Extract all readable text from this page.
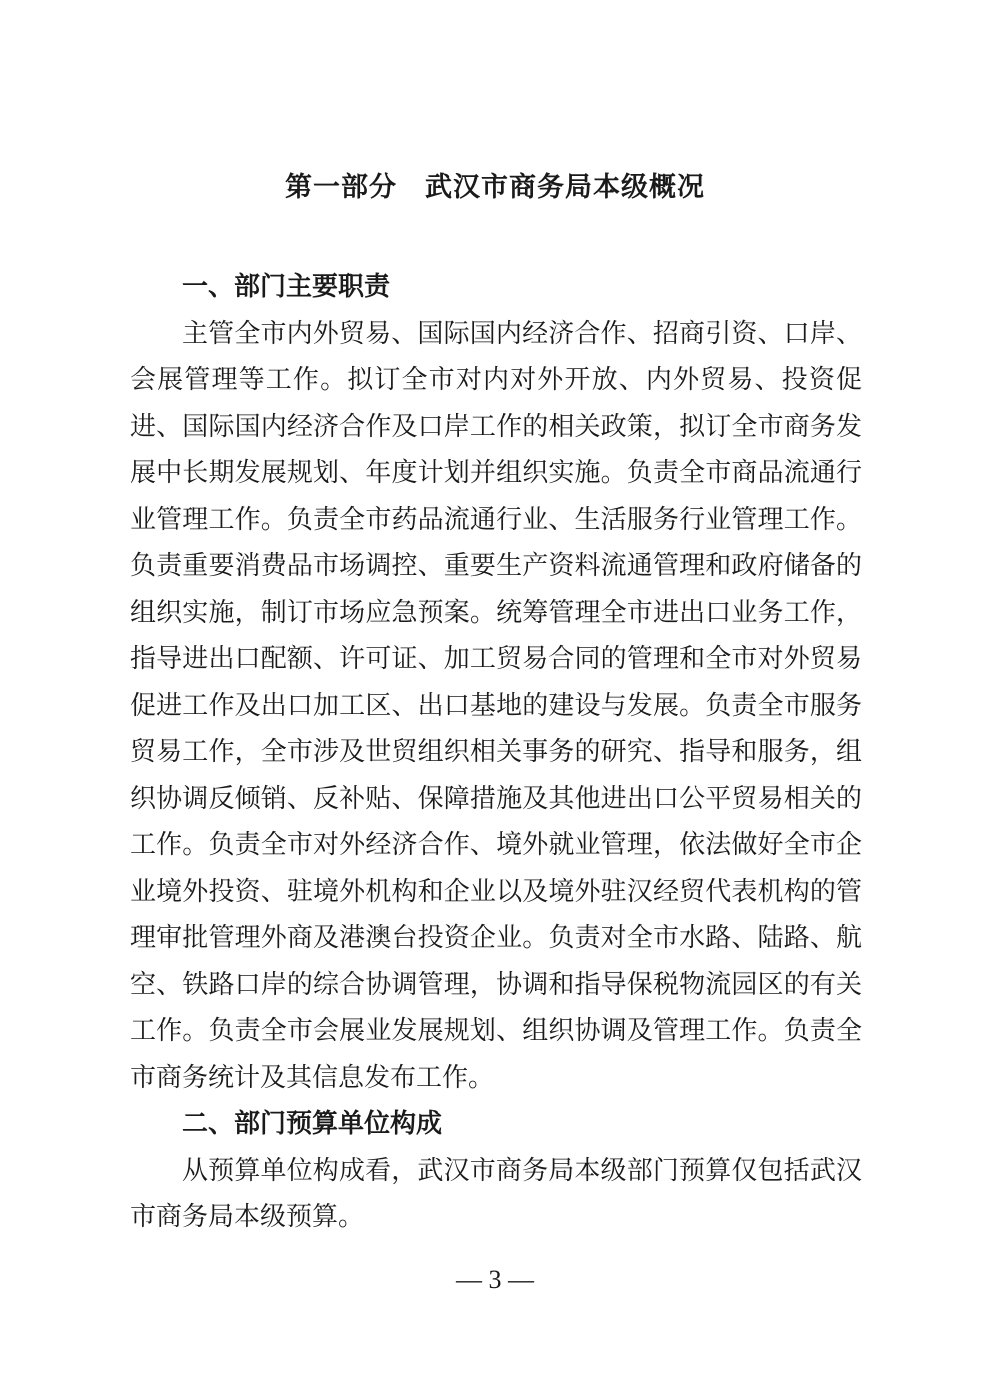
第一部分　武汉市商务局本级概况

一、部门主要职责

主管全市内外贸易、国际国内经济合作、招商引资、口岸、会展管理等工作。拟订全市对内对外开放、内外贸易、投资促进、国际国内经济合作及口岸工作的相关政策，拟订全市商务发展中长期发展规划、年度计划并组织实施。负责全市商品流通行业管理工作。负责全市药品流通行业、生活服务行业管理工作。负责重要消费品市场调控、重要生产资料流通管理和政府储备的组织实施，制订市场应急预案。统筹管理全市进出口业务工作，指导进出口配额、许可证、加工贸易合同的管理和全市对外贸易促进工作及出口加工区、出口基地的建设与发展。负责全市服务贸易工作，全市涉及世贸组织相关事务的研究、指导和服务，组织协调反倾销、反补贴、保障措施及其他进出口公平贸易相关的工作。负责全市对外经济合作、境外就业管理，依法做好全市企业境外投资、驻境外机构和企业以及境外驻汉经贸代表机构的管理审批管理外商及港澳台投资企业。负责对全市水路、陆路、航空、铁路口岸的综合协调管理，协调和指导保税物流园区的有关工作。负责全市会展业发展规划、组织协调及管理工作。负责全市商务统计及其信息发布工作。

二、部门预算单位构成

从预算单位构成看，武汉市商务局本级部门预算仅包括武汉市商务局本级预算。

— 3 —
